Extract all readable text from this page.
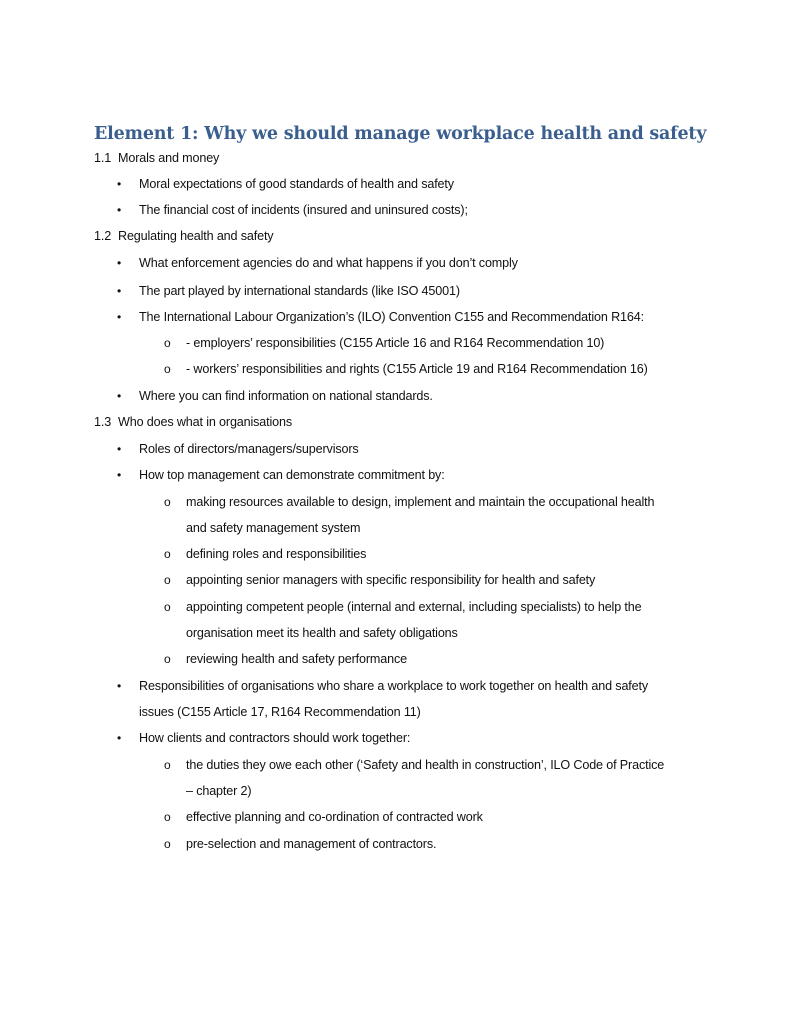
Element 1: Why we should manage workplace health and safety
1.1 Morals and money
• Moral expectations of good standards of health and safety
• The financial cost of incidents (insured and uninsured costs);
1.2 Regulating health and safety
• What enforcement agencies do and what happens if you don’t comply
• The part played by international standards (like ISO 45001)
• The International Labour Organization’s (ILO) Convention C155 and Recommendation R164:
o - employers’ responsibilities (C155 Article 16 and R164 Recommendation 10)
o - workers’ responsibilities and rights (C155 Article 19 and R164 Recommendation 16)
• Where you can find information on national standards.
1.3 Who does what in organisations
• Roles of directors/managers/supervisors
• How top management can demonstrate commitment by:
o making resources available to design, implement and maintain the occupational health
and safety management system
o defining roles and responsibilities
o appointing senior managers with specific responsibility for health and safety
o appointing competent people (internal and external, including specialists) to help the
organisation meet its health and safety obligations
o reviewing health and safety performance
• Responsibilities of organisations who share a workplace to work together on health and safety
issues (C155 Article 17, R164 Recommendation 11)
• How clients and contractors should work together:
o the duties they owe each other (‘Safety and health in construction’, ILO Code of Practice
– chapter 2)
o effective planning and co-ordination of contracted work
o pre-selection and management of contractors.
